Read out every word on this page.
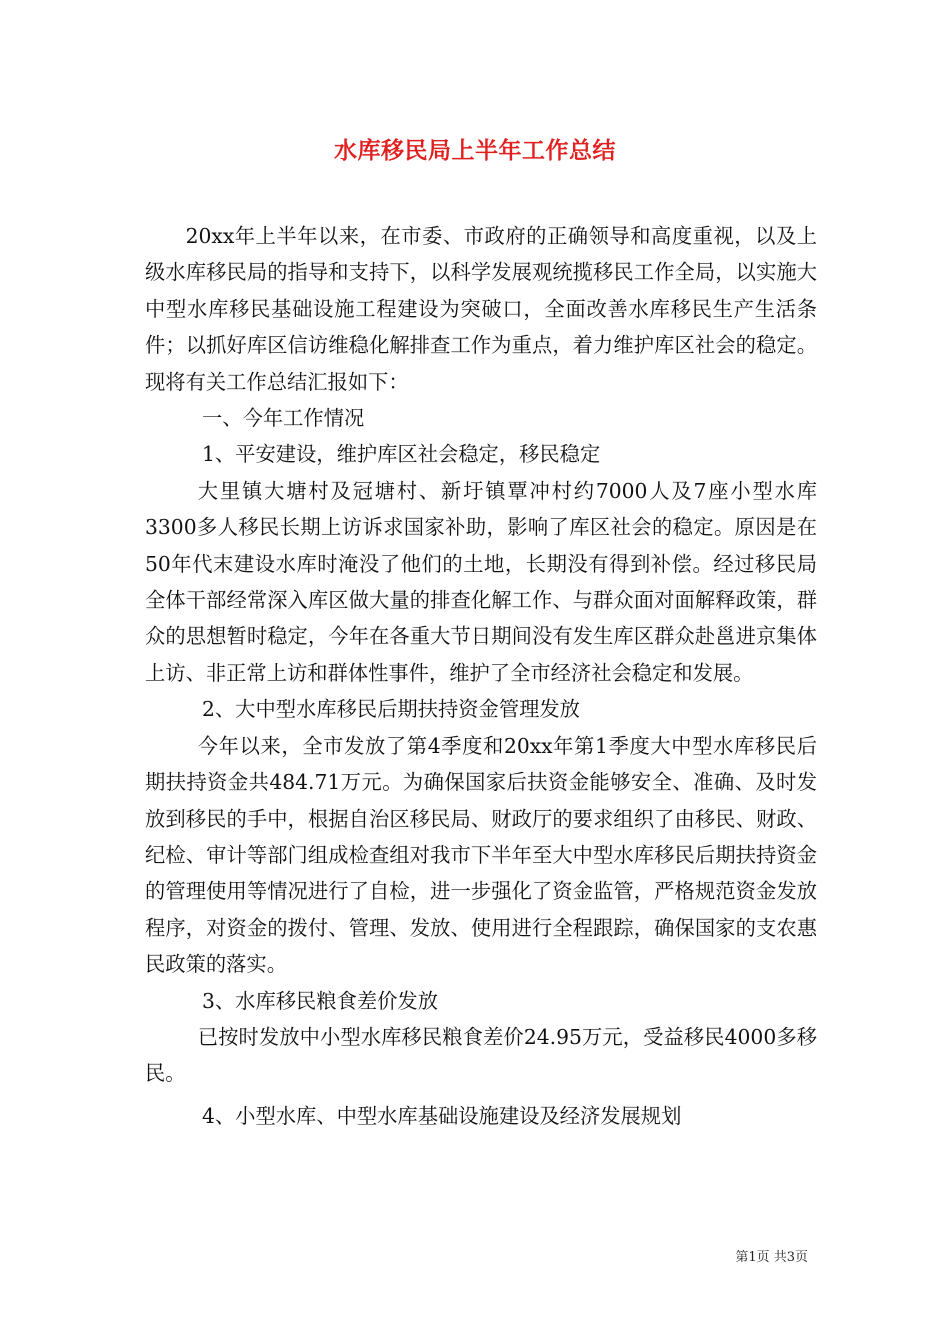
水库移民局上半年工作总结

20xx年上半年以来，在市委、市政府的正确领导和高度重视，以及上级水库移民局的指导和支持下，以科学发展观统揽移民工作全局，以实施大中型水库移民基础设施工程建设为突破口，全面改善水库移民生产生活条件；以抓好库区信访维稳化解排查工作为重点，着力维护库区社会的稳定。现将有关工作总结汇报如下：

一、今年工作情况

1、平安建设，维护库区社会稳定，移民稳定

大里镇大塘村及冠塘村、新圩镇覃冲村约7000人及7座小型水库3300多人移民长期上访诉求国家补助，影响了库区社会的稳定。原因是在50年代末建设水库时淹没了他们的土地，长期没有得到补偿。经过移民局全体干部经常深入库区做大量的排查化解工作、与群众面对面解释政策，群众的思想暂时稳定，今年在各重大节日期间没有发生库区群众赴邕进京集体上访、非正常上访和群体性事件，维护了全市经济社会稳定和发展。

2、大中型水库移民后期扶持资金管理发放

今年以来，全市发放了第4季度和20xx年第1季度大中型水库移民后期扶持资金共484.71万元。为确保国家后扶资金能够安全、准确、及时发放到移民的手中，根据自治区移民局、财政厅的要求组织了由移民、财政、纪检、审计等部门组成检查组对我市下半年至大中型水库移民后期扶持资金的管理使用等情况进行了自检，进一步强化了资金监管，严格规范资金发放程序，对资金的拨付、管理、发放、使用进行全程跟踪，确保国家的支农惠民政策的落实。

3、水库移民粮食差价发放

已按时发放中小型水库移民粮食差价24.95万元，受益移民4000多移民。

4、小型水库、中型水库基础设施建设及经济发展规划

第1页 共3页
